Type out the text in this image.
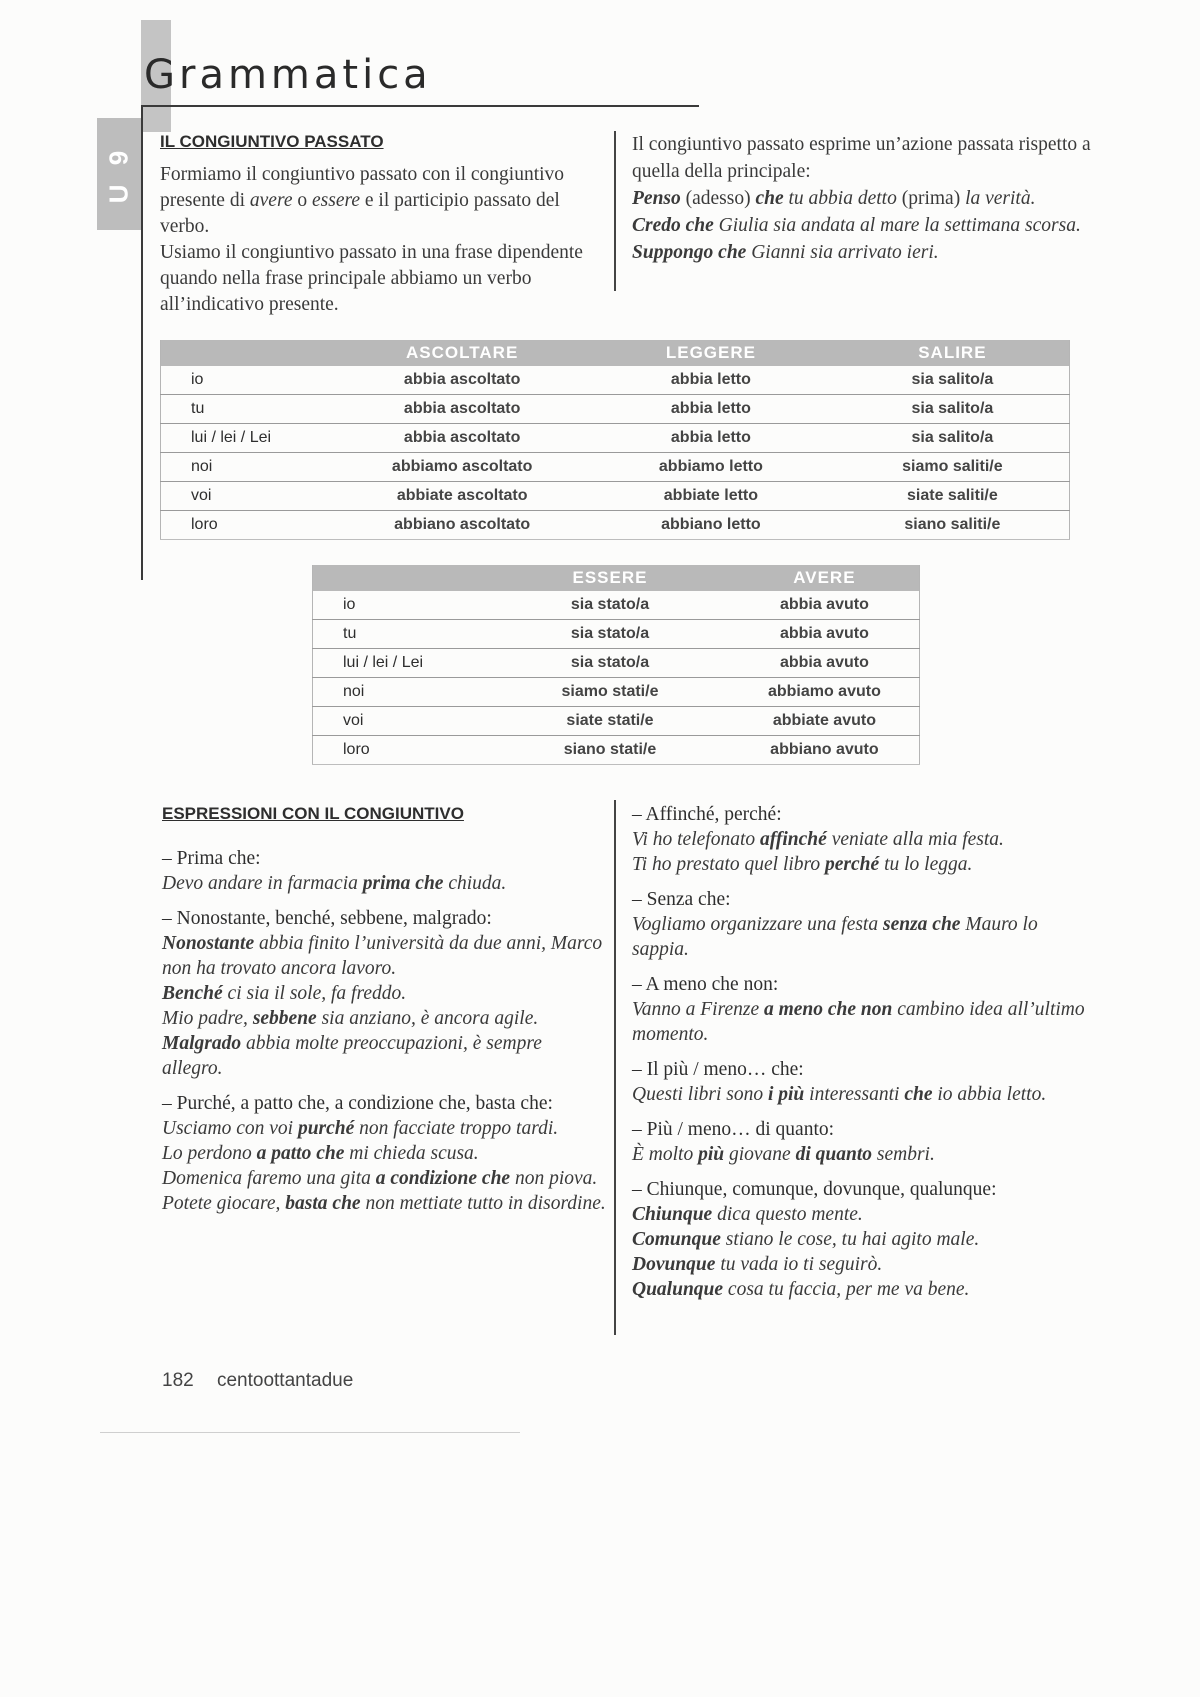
Grammatica
U 9
IL CONGIUNTIVO PASSATO

Formiamo il congiuntivo passato con il congiuntivo presente di avere o essere e il participio passato del verbo.

Usiamo il congiuntivo passato in una frase dipendente quando nella frase principale abbiamo un verbo all’indicativo presente.

Il congiuntivo passato esprime un’azione passata rispetto a quella della principale:

Penso (adesso) che tu abbia detto (prima) la verità.

Credo che Giulia sia andata al mare la settimana scorsa.

Suppongo che Gianni sia arrivato ieri.

	ASCOLTARE	LEGGERE	SALIRE
io	abbia ascoltato	abbia letto	sia salito/a
tu	abbia ascoltato	abbia letto	sia salito/a
lui / lei / Lei	abbia ascoltato	abbia letto	sia salito/a
noi	abbiamo ascoltato	abbiamo letto	siamo saliti/e
voi	abbiate ascoltato	abbiate letto	siate saliti/e
loro	abbiano ascoltato	abbiano letto	siano saliti/e
	ESSERE	AVERE
io	sia stato/a	abbia avuto
tu	sia stato/a	abbia avuto
lui / lei / Lei	sia stato/a	abbia avuto
noi	siamo stati/e	abbiamo avuto
voi	siate stati/e	abbiate avuto
loro	siano stati/e	abbiano avuto
ESPRESSIONI CON IL CONGIUNTIVO
– Prima che:

Devo andare in farmacia prima che chiuda.

– Nonostante, benché, sebbene, malgrado:

Nonostante abbia finito l’università da due anni, Marco non ha trovato ancora lavoro.

Benché ci sia il sole, fa freddo.

Mio padre, sebbene sia anziano, è ancora agile.

Malgrado abbia molte preoccupazioni, è sempre allegro.

– Purché, a patto che, a condizione che, basta che:

Usciamo con voi purché non facciate troppo tardi.

Lo perdono a patto che mi chieda scusa.

Domenica faremo una gita a condizione che non piova.

Potete giocare, basta che non mettiate tutto in disordine.

– Affinché, perché:

Vi ho telefonato affinché veniate alla mia festa.

Ti ho prestato quel libro perché tu lo legga.

– Senza che:

Vogliamo organizzare una festa senza che Mauro lo sappia.

– A meno che non:

Vanno a Firenze a meno che non cambino idea all’ultimo momento.

– Il più / meno… che:

Questi libri sono i più interessanti che io abbia letto.

– Più / meno… di quanto:

È molto più giovane di quanto sembri.

– Chiunque, comunque, dovunque, qualunque:

Chiunque dica questo mente.

Comunque stiano le cose, tu hai agito male.

Dovunque tu vada io ti seguirò.

Qualunque cosa tu faccia, per me va bene.

182 centoottantadue
